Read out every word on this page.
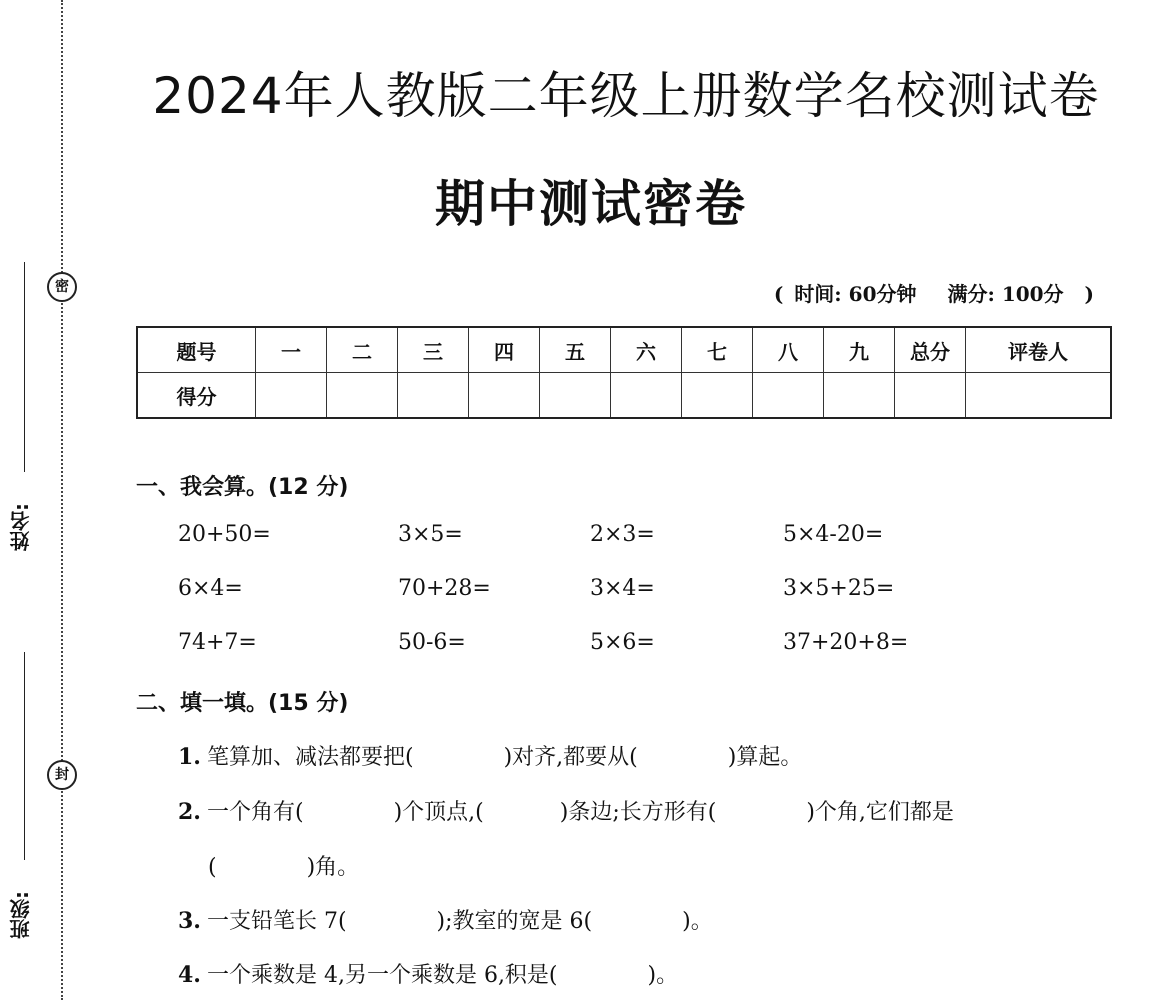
密
封
姓名:
班级:
2024年人教版二年级上册数学名校测试卷
期中测试密卷
( 时间: 60分钟 满分: 100分 )
题号	一	二	三	四	五	六	七	八	九	总分	评卷人
得分											
一、我会算。(12 分)
20+50=	3×5=	2×3=	5×4-20=
6×4=	70+28=	3×4=	3×5+25=
74+7=	50-6=	5×6=	37+20+8=
二、填一填。(15 分)
1. 笔算加、减法都要把(	)对齐,都要从(	)算起。
2. 一个角有(	)个顶点,(	)条边;长方形有(	)个角,它们都是
(	)角。
3. 一支铅笔长 7(	);教室的宽是 6(	)。
4. 一个乘数是 4,另一个乘数是 6,积是(	)。
